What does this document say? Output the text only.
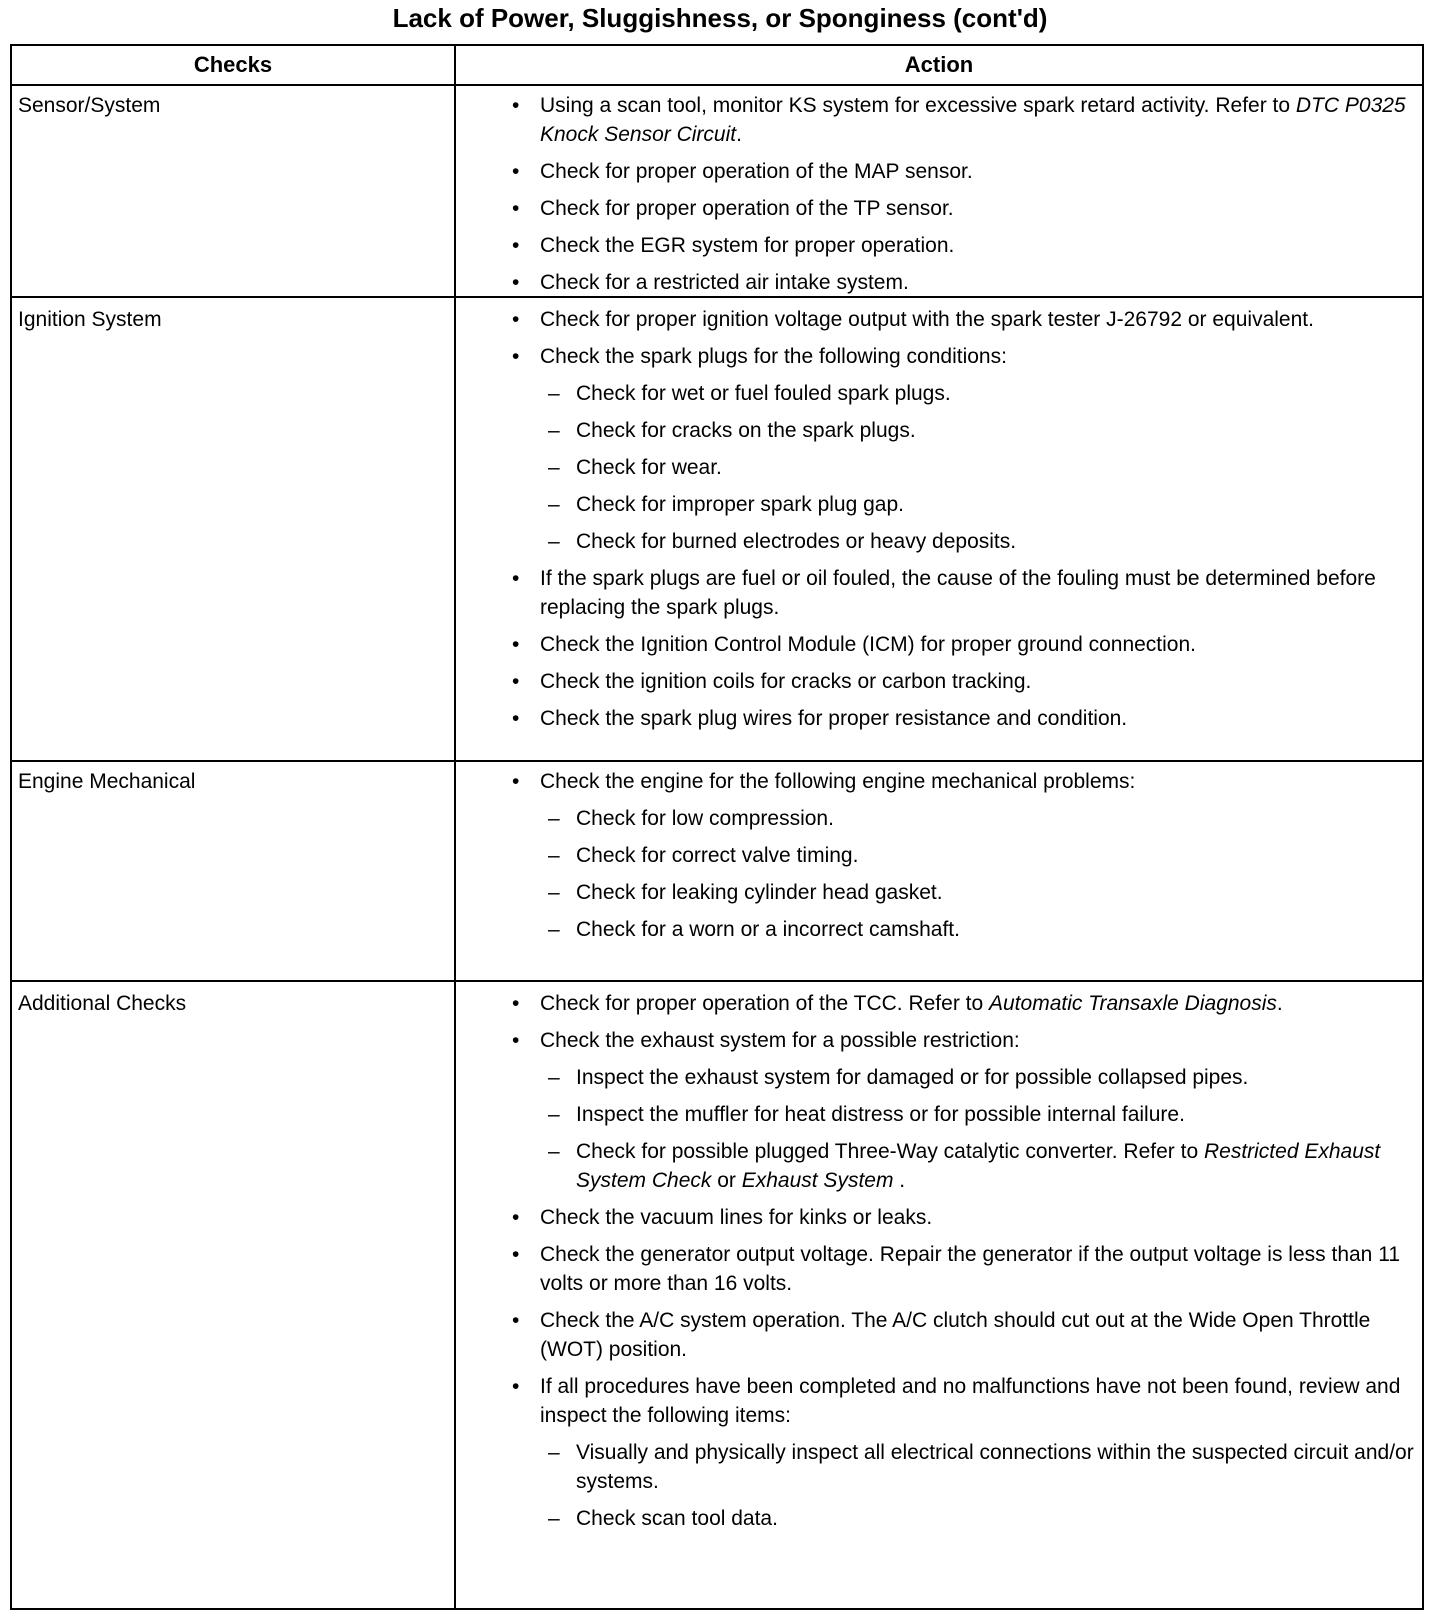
Lack of Power, Sluggishness, or Sponginess (cont'd)
Checks	Action
Sensor/System	• Using a scan tool, monitor KS system for excessive spark retard activity. Refer to DTC P0325 Knock Sensor Circuit.
• Check for proper operation of the MAP sensor.
• Check for proper operation of the TP sensor.
• Check the EGR system for proper operation.
• Check for a restricted air intake system.
Ignition System	• Check for proper ignition voltage output with the spark tester J-26792 or equivalent.
• Check the spark plugs for the following conditions:
– Check for wet or fuel fouled spark plugs.
– Check for cracks on the spark plugs.
– Check for wear.
– Check for improper spark plug gap.
– Check for burned electrodes or heavy deposits.
• If the spark plugs are fuel or oil fouled, the cause of the fouling must be determined before replacing the spark plugs.
• Check the Ignition Control Module (ICM) for proper ground connection.
• Check the ignition coils for cracks or carbon tracking.
• Check the spark plug wires for proper resistance and condition.
Engine Mechanical	• Check the engine for the following engine mechanical problems:
– Check for low compression.
– Check for correct valve timing.
– Check for leaking cylinder head gasket.
– Check for a worn or a incorrect camshaft.
Additional Checks	• Check for proper operation of the TCC. Refer to Automatic Transaxle Diagnosis.
• Check the exhaust system for a possible restriction:
– Inspect the exhaust system for damaged or for possible collapsed pipes.
– Inspect the muffler for heat distress or for possible internal failure.
– Check for possible plugged Three-Way catalytic converter. Refer to Restricted Exhaust System Check or Exhaust System .
• Check the vacuum lines for kinks or leaks.
• Check the generator output voltage. Repair the generator if the output voltage is less than 11 volts or more than 16 volts.
• Check the A/C system operation. The A/C clutch should cut out at the Wide Open Throttle (WOT) position.
• If all procedures have been completed and no malfunctions have not been found, review and inspect the following items:
– Visually and physically inspect all electrical connections within the suspected circuit and/or systems.
– Check scan tool data.
